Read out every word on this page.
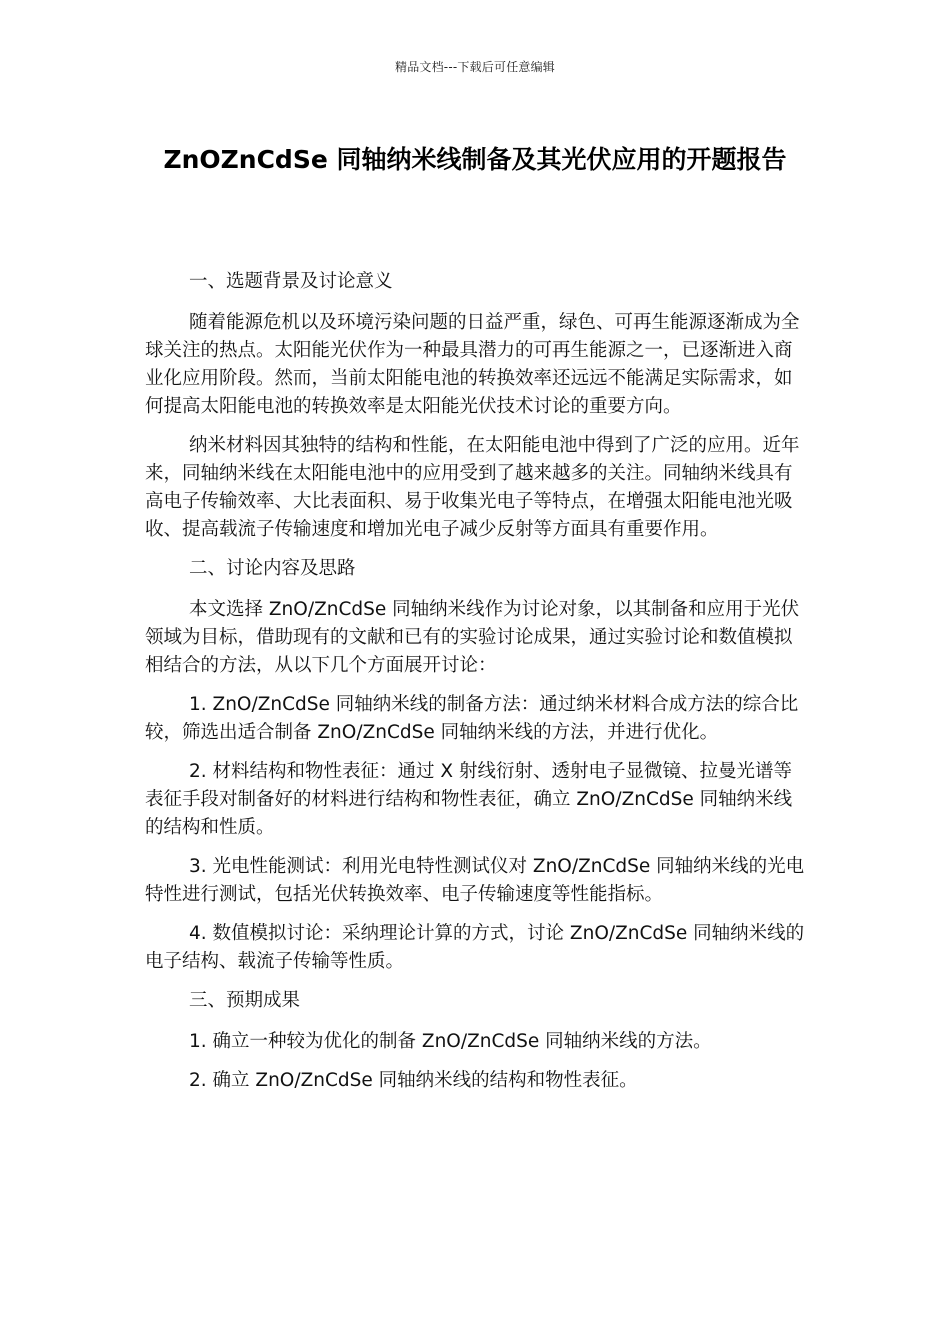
精品文档---下载后可任意编辑
ZnOZnCdSe 同轴纳米线制备及其光伏应用的开题报告

一、选题背景及讨论意义

随着能源危机以及环境污染问题的日益严重，绿色、可再生能源逐渐成为全球关注的热点。太阳能光伏作为一种最具潜力的可再生能源之一，已逐渐进入商业化应用阶段。然而，当前太阳能电池的转换效率还远远不能满足实际需求，如何提高太阳能电池的转换效率是太阳能光伏技术讨论的重要方向。

纳米材料因其独特的结构和性能，在太阳能电池中得到了广泛的应用。近年来，同轴纳米线在太阳能电池中的应用受到了越来越多的关注。同轴纳米线具有高电子传输效率、大比表面积、易于收集光电子等特点，在增强太阳能电池光吸收、提高载流子传输速度和增加光电子减少反射等方面具有重要作用。

二、讨论内容及思路

本文选择 ZnO/ZnCdSe 同轴纳米线作为讨论对象，以其制备和应用于光伏领域为目标，借助现有的文献和已有的实验讨论成果，通过实验讨论和数值模拟相结合的方法，从以下几个方面展开讨论：

1. ZnO/ZnCdSe 同轴纳米线的制备方法：通过纳米材料合成方法的综合比较，筛选出适合制备 ZnO/ZnCdSe 同轴纳米线的方法，并进行优化。

2. 材料结构和物性表征：通过 X 射线衍射、透射电子显微镜、拉曼光谱等表征手段对制备好的材料进行结构和物性表征，确立 ZnO/ZnCdSe 同轴纳米线的结构和性质。

3. 光电性能测试：利用光电特性测试仪对 ZnO/ZnCdSe 同轴纳米线的光电特性进行测试，包括光伏转换效率、电子传输速度等性能指标。

4. 数值模拟讨论：采纳理论计算的方式，讨论 ZnO/ZnCdSe 同轴纳米线的电子结构、载流子传输等性质。

三、预期成果

1. 确立一种较为优化的制备 ZnO/ZnCdSe 同轴纳米线的方法。

2. 确立 ZnO/ZnCdSe 同轴纳米线的结构和物性表征。
